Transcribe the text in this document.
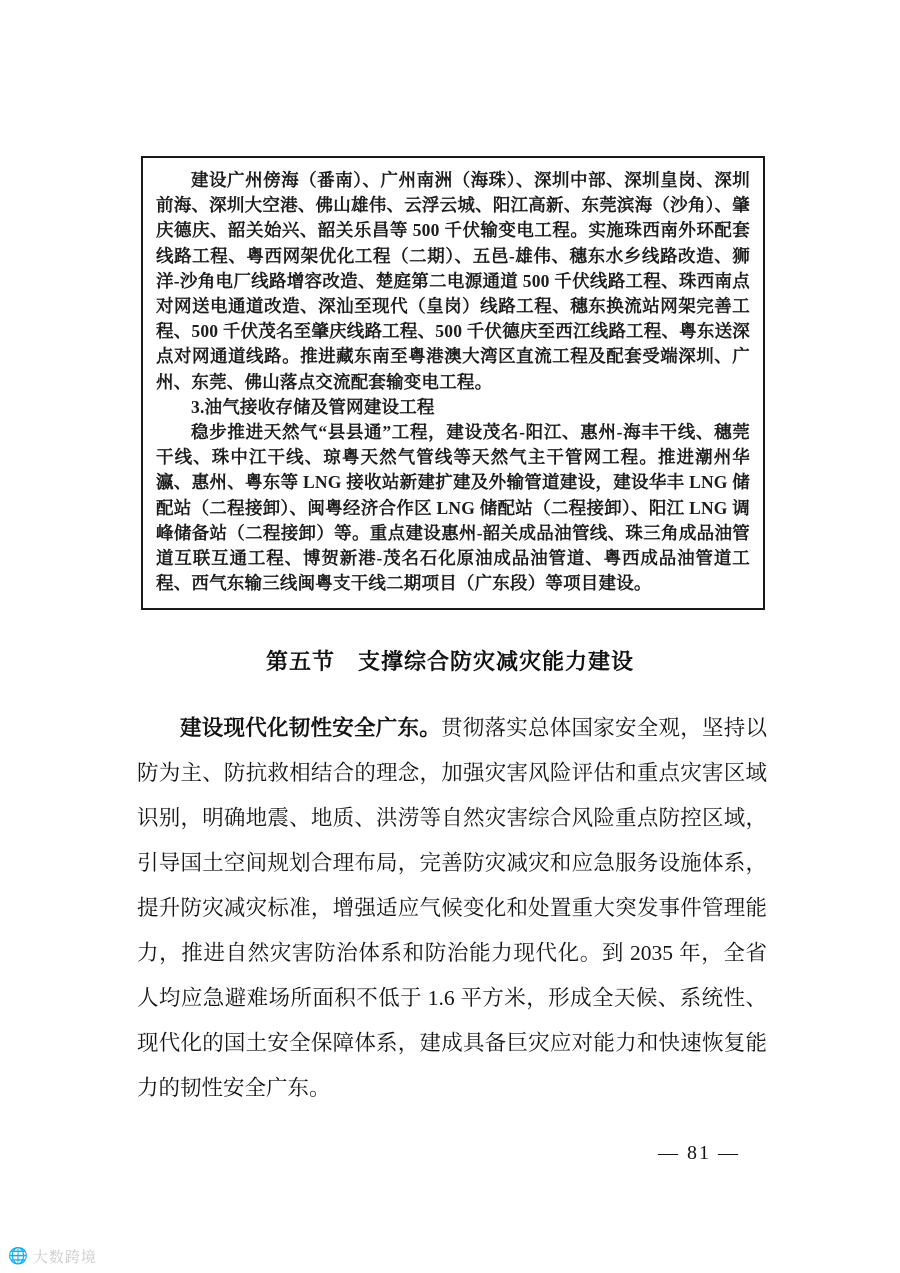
建设广州傍海（番南）、广州南洲（海珠）、深圳中部、深圳皇岗、深圳前海、深圳大空港、佛山雄伟、云浮云城、阳江高新、东莞滨海（沙角）、肇庆德庆、韶关始兴、韶关乐昌等 500 千伏输变电工程。实施珠西南外环配套线路工程、粤西网架优化工程（二期）、五邑-雄伟、穗东水乡线路改造、狮洋-沙角电厂线路增容改造、楚庭第二电源通道 500 千伏线路工程、珠西南点对网送电通道改造、深汕至现代（皇岗）线路工程、穗东换流站网架完善工程、500 千伏茂名至肇庆线路工程、500 千伏德庆至西江线路工程、粤东送深点对网通道线路。推进藏东南至粤港澳大湾区直流工程及配套受端深圳、广州、东莞、佛山落点交流配套输变电工程。

3.油气接收存储及管网建设工程

稳步推进天然气“县县通”工程，建设茂名-阳江、惠州-海丰干线、穗莞干线、珠中江干线、琼粤天然气管线等天然气主干管网工程。推进潮州华瀛、惠州、粤东等 LNG 接收站新建扩建及外输管道建设，建设华丰 LNG 储配站（二程接卸）、闽粤经济合作区 LNG 储配站（二程接卸）、阳江 LNG 调峰储备站（二程接卸）等。重点建设惠州-韶关成品油管线、珠三角成品油管道互联互通工程、博贺新港-茂名石化原油成品油管道、粤西成品油管道工程、西气东输三线闽粤支干线二期项目（广东段）等项目建设。

第五节　支撑综合防灾减灾能力建设

建设现代化韧性安全广东。贯彻落实总体国家安全观，坚持以防为主、防抗救相结合的理念，加强灾害风险评估和重点灾害区域识别，明确地震、地质、洪涝等自然灾害综合风险重点防控区域，引导国土空间规划合理布局，完善防灾减灾和应急服务设施体系，提升防灾减灾标准，增强适应气候变化和处置重大突发事件管理能力，推进自然灾害防治体系和防治能力现代化。到 2035 年，全省人均应急避难场所面积不低于 1.6 平方米，形成全天候、系统性、现代化的国土安全保障体系，建成具备巨灾应对能力和快速恢复能力的韧性安全广东。

— 81 —
🌐 大数跨境
